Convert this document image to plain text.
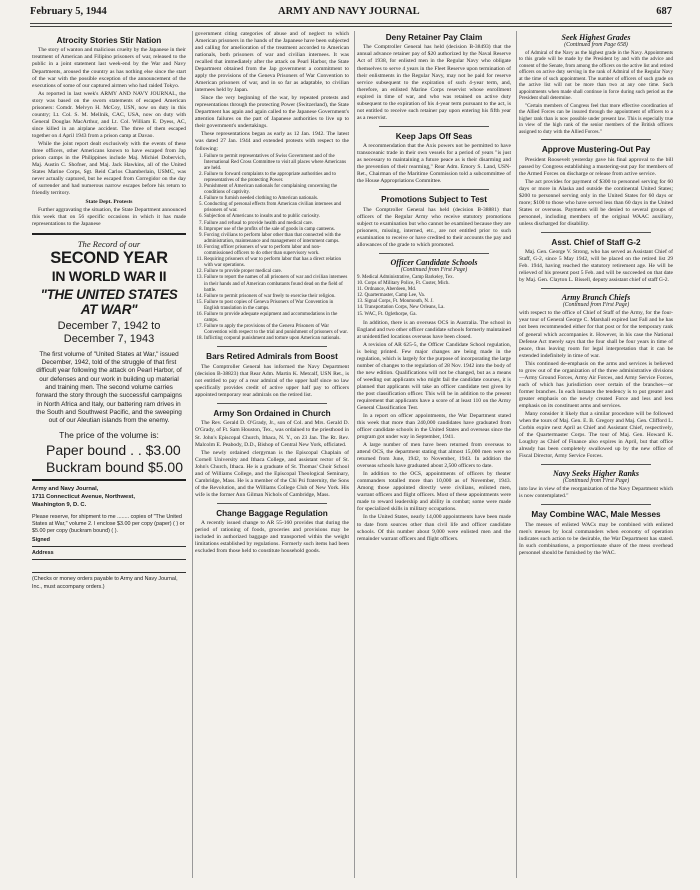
February 5, 1944	ARMY AND NAVY JOURNAL	687
Atrocity Stories Stir Nation

The story of wanton and malicious cruelty by the Japanese in their treatment of American and Filipino prisoners of war, released to the public in a joint statement last week-end by the War and Navy Departments, aroused the country as has nothing else since the start of the war with the possible exception of the announcement of the executions of some of our captured airmen who had raided Tokyo.

As reported in last week's ARMY AND NAVY JOURNAL, the story was based on the sworn statements of escaped American prisoners: Comdr. Melvyn H. McCoy, USN, now on duty in this country; Lt. Col. S. M. Mellnik, CAC, USA, now on duty with General Douglas MacArthur, and Lt. Col. William E. Dyess, AC, since killed in an airplane accident. The three of them escaped together on 4 April 1943 from a prison camp at Davao.

While the joint report dealt exclusively with the events of these three officers, other Americans known to have escaped from Jap prison camps in the Philippines include Maj. Michiel Dobervich, Maj. Austin C. Shofner, and Maj. Jack Hawkins, all of the United States Marine Corps, Sgt. Reid Carlos Chamberlain, USMC, was never actually captured, but he escaped from Corregidor on the day of surrender and had numerous narrow escapes before his return to friendly territory.

State Dept. Protests

Further aggravating the situation, the State Department announced this week that on 56 specific occasions in which it has made representations to the Japanese

The Record of our
SECOND YEAR
IN WORLD WAR II
"THE UNITED STATES
AT WAR"
December 7, 1942 to
December 7, 1943
The first volume of "United States at War," issued December, 1942, told of the struggle of that first difficult year following the attack on Pearl Harbor, of our defenses and our work in building up material and training men. The second volume carries forward the story through the successful campaigns in North Africa and Italy, our battering ram drives in the South and Southwest Pacific, and the sweeping out of our Aleutian islands from the enemy.
The price of the volume is:
Paper bound . . $3.00
Buckram bound $5.00
Army and Navy Journal,
1711 Connecticut Avenue, Northwest,
Washington 9, D. C.
Please reserve, for shipment to me ........ copies of "The United States at War," volume 2. I enclose $3.00 per copy (paper) ( ) or $5.00 per copy (buckram bound) ( ).
Signed
Address
(Checks or money orders payable to Army and Navy Journal, Inc., must accompany orders.)

government citing categories of abuse and of neglect to which American prisoners in the hands of the Japanese have been subjected and calling for amelioration of the treatment accorded to American nationals, both prisoners of war and civilian internees. It was recalled that immediately after the attack on Pearl Harbor, the State Department obtained from the Jap government a commitment to apply the provisions of the Geneva Prisoners of War Convention to American prisoners of war, and in so far as adaptable, to civilian internees held by Japan.

Since the very beginning of the war, by repeated protests and representations through the protecting Power (Switzerland), the State Department has again and again called to the Japanese Government's attention failures on the part of Japanese authorities to live up to their government's undertakings.

These representations began as early as 12 Jan. 1942. The latest was dated 27 Jan. 1944 and extended protests with respect to the following:

1. Failure to permit representatives of Swiss Government and of the International Red Cross Committee to visit all places where Americans are held.
2. Failure to forward complaints to the appropriate authorities and to representatives of the protecting Power.
3. Punishment of American nationals for complaining concerning the conditions of captivity.
4. Failure to furnish needed clothing to American nationals.
5. Conducting of personal effects from American civilian internees and prisoners of war.
6. Subjection of Americans to insults and to public curiosity.
7. Failure and refusal to provide health and medical care.
8. Improper use of the profits of the sale of goods in camp canteens.
9. Forcing civilians to perform labor other than that connected with the administration, maintenance and management of internment camps.
10. Forcing officer prisoners of war to perform labor and non-commissioned officers to do other than supervisory work.
11. Requiring prisoners of war to perform labor that has a direct relation with war operations.
12. Failure to provide proper medical care.
13. Failure to report the names of all prisoners of war and civilian internees in their hands and of American combatants found dead on the field of battle.
14. Failure to permit prisoners of war freely to exercise their religion.
15. Failure to post copies of Geneva Prisoners of War Convention in English translation in the camps.
16. Failure to provide adequate equipment and accommodations in the camps.
17. Failure to apply the provisions of the Geneva Prisoners of War Convention with respect to the trial and punishment of prisoners of war.
18. Inflicting corporal punishment and torture upon American nationals.
Bars Retired Admirals from Boost

The Comptroller General has informed the Navy Department (decision B-38823) that Rear Adm. Martin K. Metcalf, USN Ret., is not entitled to pay of a rear admiral of the upper half since no law specifically provides credit of active upper half pay to officers appointed temporary rear admirals on the retired list.

Army Son Ordained in Church

The Rev. Gerald D. O'Grady, Jr., son of Col. and Mrs. Gerald D. O'Grady, of Ft. Sam Houston, Tex., was ordained to the priesthood in St. John's Episcopal Church, Ithaca, N. Y., on 23 Jan. The Rt. Rev. Malcolm E. Peabody, D.D., Bishop of Central New York, officiated.

The newly ordained clergyman is the Episcopal Chaplain of Cornell University and Ithaca College, and assistant rector of St. John's Church, Ithaca. He is a graduate of St. Thomas' Choir School and of Williams College, and the Episcopal Theological Seminary, Cambridge, Mass. He is a member of the Chi Psi fraternity, the Sons of the Revolution, and the Williams College Club of New York. His wife is the former Ann Gilman Nichols of Cambridge, Mass.

Change Baggage Regulation

A recently issued change to AR 55-160 provides that during the period of rationing of foods, groceries and provisions may be included in authorized baggage and transported within the weight limitations established by regulations. Formerly such items had been excluded from those held to constitute household goods.

Deny Retainer Pay Claim

The Comptroller General has held (decision B-38493) that the annual advance retainer pay of $20 authorized by the Naval Reserve Act of 1938, for enlisted men in the Regular Navy who obligate themselves to serve 4 years in the Fleet Reserve upon termination of their enlistments in the Regular Navy, may not be paid for reserve service subsequent to the expiration of such 4-year term, and, therefore, an enlisted Marine Corps reservist whose enrollment expired in time of war, and who was retained on active duty subsequent to the expiration of his 4-year term pursuant to the act, is not entitled to receive such retainer pay upon entering his fifth year as a reservist.

Keep Japs Off Seas

A recommendation that the Axis powers not be permitted to have transoceanic trade in their own vessels for a period of years "is just as necessary to maintaining a future peace as is their disarming and the prevention of their rearming," Rear Adm. Emory S. Land, USN-Ret., Chairman of the Maritime Commission told a subcommittee of the House Appropriations Committee.

Promotions Subject to Test

The Comptroller General has held (decision B-38881) that officers of the Regular Army who receive statutory promotions subject to examination but who cannot be examined because they are prisoners, missing, interned, etc., are not entitled prior to such examination to receive or have credited to their accounts the pay and allowances of the grade to which promoted.

Officer Candidate Schools
(Continued from First Page)
9. Medical Administrative, Camp Barkeley, Tex.
10. Corps of Military Police, Ft. Custer, Mich.
11. Ordnance, Aberdeen, Md.
12. Quartermaster, Camp Lee, Va.
13. Signal Corps, Ft. Monmouth, N. J.
14. Transportation Corps, New Orleans, La.
15. WAC, Ft. Oglethorpe, Ga.

In addition, there is an overseas OCS in Australia. The school in England and two other officer candidate schools formerly maintained at unidentified locations overseas have been closed.

A revision of AR 625-5, the Officer Candidate School regulation, is being printed. Few major changes are being made in the regulation, which is largely for the purpose of incorporating the large number of changes to the regulation of 28 Nov. 1942 into the body of the new edition. Qualifications will not be changed, but as a means of weeding out applicants who might fail the candidate courses, it is planned that applicants will take an officer candidate test given by the post classification officer. This will be in addition to the present requirement that applicants have a score of at least 110 on the Army General Classification Test.

In a report on officer appointments, the War Department stated this week that more than 240,000 candidates have graduated from officer candidate schools in the United States and overseas since the program got under way in September, 1941.

A large number of men have been returned from overseas to attend OCS, the department stating that almost 15,000 men were so returned from June, 1942, to November, 1943. In addition the overseas schools have graduated about 2,500 officers to date.

In addition to the OCS, appointments of officers by theater commanders totalled more than 10,000 as of November, 1943. Among those appointed directly were civilians, enlisted men, warrant officers and flight officers. Most of these appointments were made to reward leadership and ability in combat; some were made for specialized skills in military occupations.

In the United States, nearly 14,000 appointments have been made to date from sources other than civil life and officer candidate schools. Of this number about 9,000 were enlisted men and the remainder warrant officers and flight officers.

Seek Highest Grades
(Continued from Page 658)

of Admiral of the Navy as the highest grade in the Navy. Appointments to this grade will be made by the President by and with the advice and consent of the Senate, from among the officers on the active list and retired officers on active duty serving in the rank of Admiral of the Regular Navy at the time of such appointment. The number of officers of such grade on the active list will not be more than two at any one time. Such appointments when made shall continue in force during such period as the President shall determine.

"Certain members of Congress feel that more effective coordination of the Allied Forces can be insured through the appointment of officers to a higher rank than is now possible under present law. This is especially true in view of the high rank of the senior members of the British officers assigned to duty with the Allied Forces."

Approve Mustering-Out Pay

President Roosevelt yesterday gave his final approval to the bill passed by Congress establishing a mustering-out pay for members of the Armed Forces on discharge or release from active service.

The act provides for payment of $300 to personnel serving for 60 days or more in Alaska and outside the continental United States; $200 to personnel serving only in the United States for 60 days or more; $100 to those who have served less than 60 days in the United States or overseas. Payments will be denied to several groups of personnel, including members of the original WAAC auxiliary, unless discharged for disability.

Asst. Chief of Staff G-2

Maj. Gen. George V. Strong, who has served as Assistant Chief of Staff, G-2, since 5 May 1942, will be placed on the retired list 29 Feb. 1944, having reached the statutory retirement age. He will be relieved of his present post 5 Feb. and will be succeeded on that date by Maj. Gen. Clayton L. Bissell, deputy assistant chief of staff G-2.

Army Branch Chiefs
(Continued from First Page)

with respect to the office of Chief of Staff of the Army, for the four-year tour of General George C. Marshall expired last Fall and he has not been recommended either for that post or for the temporary rank of general which accompanies it. However, in his case the National Defense Act merely says that the four shall be four years in time of peace, thus leaving room for legal interpretation that it can be extended indefinitely in time of war.

This continued de-emphasis on the arms and services is believed to grow out of the organization of the three administrative divisions—Army Ground Forces, Army Air Forces, and Army Service Forces, each of which has jurisdiction over certain of the branches—or former branches. In each instance the tendency is to put greater and greater emphasis on the newly created Force and less and less emphasis on its constituent arms and services.

Many consider it likely that a similar procedure will be followed when the tours of Maj. Gen. E. B. Gregory and Maj. Gen. Clifford L. Corbin expire next April as Chief and Assistant Chief, respectively, of the Quartermaster Corps. The tour of Maj. Gen. Howard K. Loughry as Chief of Finance also expires in April, but that office already has been completely swallowed up by the new office of Fiscal Director, Army Service Forces.

Navy Seeks Higher Ranks
(Continued from First Page)

into law in view of the reorganization of the Navy Department which is now contemplated."

May Combine WAC, Male Messes

The messes of enlisted WACs may be combined with enlisted men's messes by local commanders when economy of operation indicates such action to be desirable, the War Department has stated. In such combinations, a proportionate share of the mess overhead personnel should be furnished by the WAC.
